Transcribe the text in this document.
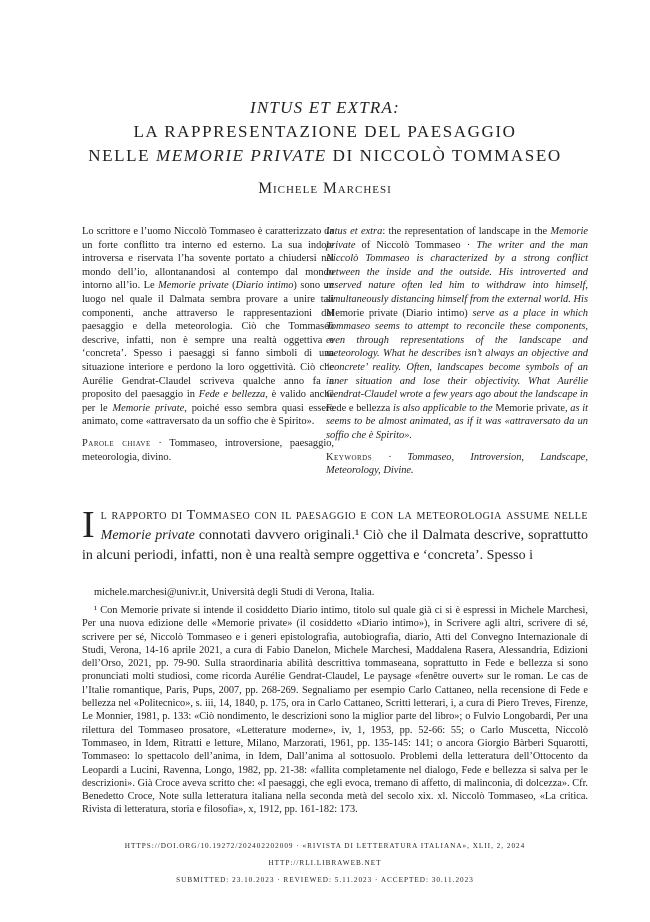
INTUS ET EXTRA:
LA RAPPRESENTAZIONE DEL PAESAGGIO
NELLE MEMORIE PRIVATE DI NICCOLÒ TOMMASEO
Michele Marchesi
Lo scrittore e l’uomo Niccolò Tommaseo è caratterizzato da un forte conflitto tra interno ed esterno. La sua indole introversa e riservata l’ha sovente portato a chiudersi nel mondo dell’io, allontanandosi al contempo dal mondo intorno all’io. Le Memorie private (Diario intimo) sono un luogo nel quale il Dalmata sembra provare a unire tali componenti, anche attraverso le rappresentazioni del paesaggio e della meteorologia. Ciò che Tommaseo descrive, infatti, non è sempre una realtà oggettiva e ‘concreta’. Spesso i paesaggi si fanno simboli di una situazione interiore e perdono la loro oggettività. Ciò che Aurélie Gendrat-Claudel scriveva qualche anno fa a proposito del paesaggio in Fede e bellezza, è valido anche per le Memorie private, poiché esso sembra quasi essere animato, come «attraversato da un soffio che è Spirito».
Parole chiave · Tommaseo, introversione, paesaggio, meteorologia, divino.
Intus et extra: the representation of landscape in the Memorie private of Niccolò Tommaseo · The writer and the man Niccolò Tommaseo is characterized by a strong conflict between the inside and the outside. His introverted and reserved nature often led him to withdraw into himself, simultaneously distancing himself from the external world. His Memorie private (Diario intimo) serve as a place in which Tommaseo seems to attempt to reconcile these components, even through representations of the landscape and meteorology. What he describes isn’t always an objective and ‘concrete’ reality. Often, landscapes become symbols of an inner situation and lose their objectivity. What Aurélie Gendrat-Claudel wrote a few years ago about the landscape in Fede e bellezza is also applicable to the Memorie private, as it seems to be almost animated, as if it was «attraversato da un soffio che è Spirito».
Keywords · Tommaseo, Introversion, Landscape, Meteorology, Divine.
Il rapporto di Tommaseo con il paesaggio e con la meteorologia assume nelle Memorie private connotati davvero originali.¹ Ciò che il Dalmata descrive, soprattutto in alcuni periodi, infatti, non è una realtà sempre oggettiva e ‘concreta’. Spesso i
michele.marchesi@univr.it, Università degli Studi di Verona, Italia.

¹ Con Memorie private si intende il cosiddetto Diario intimo, titolo sul quale già ci si è espressi in Michele Marchesi, Per una nuova edizione delle «Memorie private» (il cosiddetto «Diario intimo»), in Scrivere agli altri, scrivere di sé, scrivere per sé, Niccolò Tommaseo e i generi epistolografia, autobiografia, diario, Atti del Convegno Internazionale di Studi, Verona, 14-16 aprile 2021, a cura di Fabio Danelon, Michele Marchesi, Maddalena Rasera, Alessandria, Edizioni dell’Orso, 2021, pp. 79-90. Sulla straordinaria abilità descrittiva tommaseana, soprattutto in Fede e bellezza si sono pronunciati molti studiosi, come ricorda Aurélie Gendrat-Claudel, Le paysage «fenêtre ouvert» sur le roman. Le cas de l’Italie romantique, Paris, Pups, 2007, pp. 268-269. Segnaliamo per esempio Carlo Cattaneo, nella recensione di Fede e bellezza nel «Politecnico», s. iii, 14, 1840, p. 175, ora in Carlo Cattaneo, Scritti letterari, i, a cura di Piero Treves, Firenze, Le Monnier, 1981, p. 133: «Ciò nondimento, le descrizioni sono la miglior parte del libro»; o Fulvio Longobardi, Per una rilettura del Tommaseo prosatore, «Letterature moderne», iv, 1, 1953, pp. 52-66: 55; o Carlo Muscetta, Niccolò Tommaseo, in Idem, Ritratti e letture, Milano, Marzorati, 1961, pp. 135-145: 141; o ancora Giorgio Bàrberi Squarotti, Tommaseo: lo spettacolo dell’anima, in Idem, Dall’anima al sottosuolo. Problemi della letteratura dell’Ottocento da Leopardi a Lucini, Ravenna, Longo, 1982, pp. 21-38: «fallita completamente nel dialogo, Fede e bellezza si salva per le descrizioni». Già Croce aveva scritto che: «I paesaggi, che egli evoca, tremano di affetto, di malinconia, di dolcezza». Cfr. Benedetto Croce, Note sulla letteratura italiana nella seconda metà del secolo xix. xl. Niccolò Tommaseo, «La critica. Rivista di letteratura, storia e filosofia», x, 1912, pp. 161-182: 173.

HTTPS://DOI.ORG/10.19272/202402202009 · «RIVISTA DI LETTERATURA ITALIANA», XLII, 2, 2024
HTTP://RLI.LIBRAWEB.NET
SUBMITTED: 23.10.2023 · REVIEWED: 5.11.2023 · ACCEPTED: 30.11.2023
